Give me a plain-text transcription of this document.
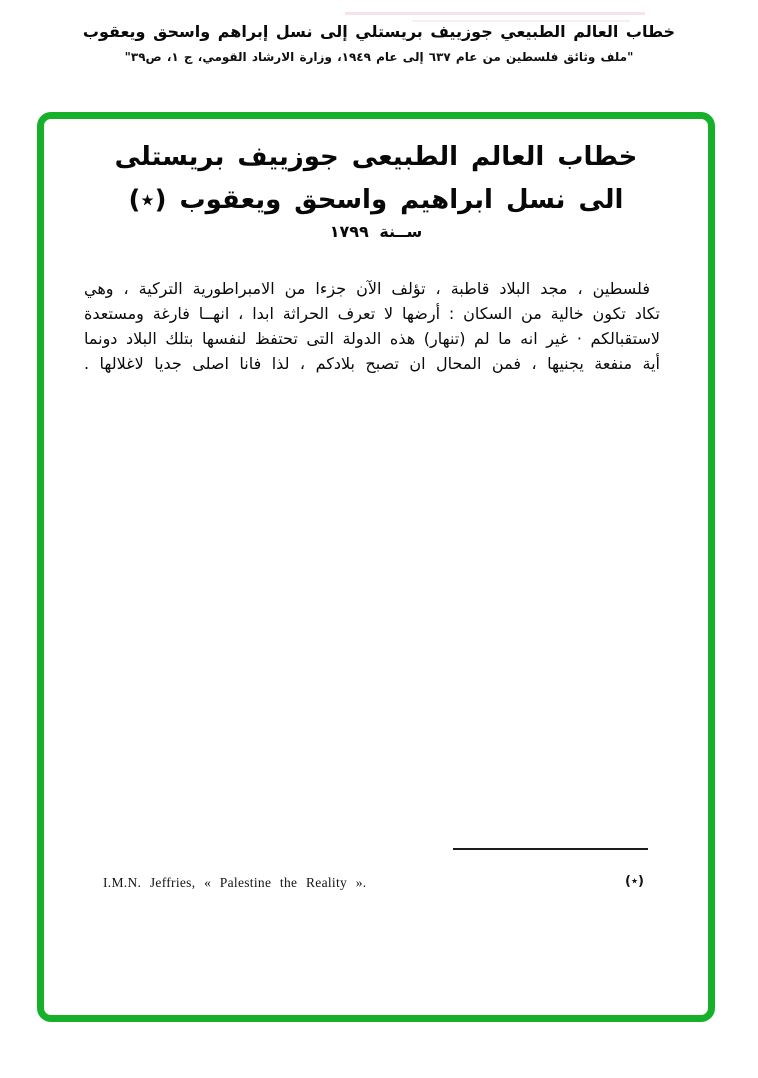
خطاب العالم الطبيعي جوزييف بريستلي إلى نسل إبراهم واسحق ويعقوب
"ملف وثائق فلسطين من عام ٦٣٧ إلى عام ١٩٤٩، وزارة الارشاد القومي، ج ١، ص٣٩"
خطاب العالم الطبيعى جوزييف بريستلى
الى نسل ابراهيم واسحق ويعقوب (٭)
ســنة ١٧٩٩
فلسطين ، مجد البلاد قاطبة ، تؤلف الآن جزءا من الامبراطورية التركية ، وهي
تكاد تكون خالية من السكان : أرضها لا تعرف الحراثة ابدا ، انهــا فارغة ومستعدة
لاستقبالكم · غير انه ما لم (تنهار) هذه الدولة التى تحتفظ لنفسها بتلك البلاد دونما
أية منفعة يجنيها ، فمن المحال ان تصبح بلادكم ، لذا فانا اصلى جديا لاغلالها .
(٭)
I.M.N. Jeffries, « Palestine the Reality ».
